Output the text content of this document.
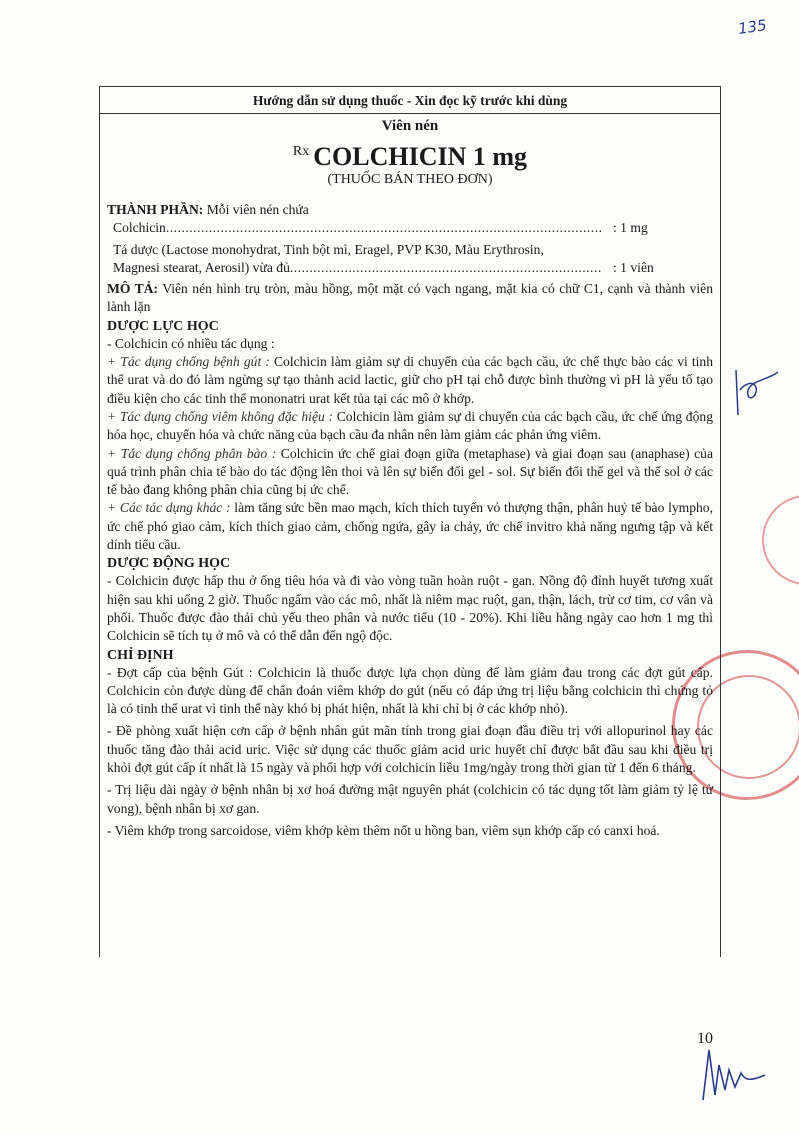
135
Hướng dẫn sử dụng thuốc - Xin đọc kỹ trước khi dùng
Viên nén
$^{Rx}$ COLCHICIN 1 mg
(THUỐC BÁN THEO ĐƠN)
THÀNH PHẦN: Mỗi viên nén chứa
Colchicin .....	: 1 mg
Tá dược (Lactose monohydrat, Tinh bột mì, Eragel, PVP K30, Màu Erythrosin,
Magnesi stearat, Aerosil) vừa đủ .....	: 1 viên
MÔ TẢ: Viên nén hình trụ tròn, màu hồng, một mặt có vạch ngang, mặt kia có chữ C1, cạnh và thành viên lành lặn
DƯỢC LỰC HỌC
- Colchicin có nhiều tác dụng :
+ Tác dụng chống bệnh gút : Colchicin làm giảm sự di chuyển của các bạch cầu, ức chế thực bào các vi tinh thể urat và do đó làm ngừng sự tạo thành acid lactic, giữ cho pH tại chỗ được bình thường vì pH là yếu tố tạo điều kiện cho các tinh thể mononatri urat kết tủa tại các mô ở khớp.
+ Tác dụng chống viêm không đặc hiệu : Colchicin làm giảm sự di chuyển của các bạch cầu, ức chế ứng động hóa học, chuyển hóa và chức năng của bạch cầu đa nhân nên làm giảm các phản ứng viêm.
+ Tác dụng chống phân bào : Colchicin ức chế giai đoạn giữa (metaphase) và giai đoạn sau (anaphase) của quá trình phân chia tế bào do tác động lên thoi và lên sự biến đổi gel - sol. Sự biến đổi thể gel và thể sol ở các tế bào đang không phân chia cũng bị ức chế.
+ Các tác dụng khác : làm tăng sức bền mao mạch, kích thích tuyến vỏ thượng thận, phân huỷ tế bào lympho, ức chế phó giao cảm, kích thích giao cảm, chống ngứa, gây ỉa chảy, ức chế invitro khả năng ngưng tập và kết dính tiểu cầu.
DƯỢC ĐỘNG HỌC
- Colchicin được hấp thu ở ống tiêu hóa và đi vào vòng tuần hoàn ruột - gan. Nồng độ đỉnh huyết tương xuất hiện sau khi uống 2 giờ. Thuốc ngấm vào các mô, nhất là niêm mạc ruột, gan, thận, lách, trừ cơ tim, cơ vân và phổi. Thuốc được đào thải chủ yếu theo phân và nước tiểu (10 - 20%). Khi liều hằng ngày cao hơn 1 mg thì Colchicin sẽ tích tụ ở mô và có thể dẫn đến ngộ độc.
CHỈ ĐỊNH
- Đợt cấp của bệnh Gút : Colchicin là thuốc được lựa chọn dùng để làm giảm đau trong các đợt gút cấp. Colchicin còn được dùng để chẩn đoán viêm khớp do gút (nếu có đáp ứng trị liệu bằng colchicin thì chứng tỏ là có tinh thể urat vì tinh thể này khó bị phát hiện, nhất là khi chỉ bị ở các khớp nhỏ).
- Đề phòng xuất hiện cơn cấp ở bệnh nhân gút mãn tính trong giai đoạn đầu điều trị với allopurinol hay các thuốc tăng đào thải acid uric. Việc sử dụng các thuốc giảm acid uric huyết chỉ được bắt đầu sau khi điều trị khỏi đợt gút cấp ít nhất là 15 ngày và phối hợp với colchicin liều 1mg/ngày trong thời gian từ 1 đến 6 tháng.
- Trị liệu dài ngày ở bệnh nhân bị xơ hoá đường mật nguyên phát (colchicin có tác dụng tốt làm giảm tỷ lệ tử vong), bệnh nhân bị xơ gan.
- Viêm khớp trong sarcoidose, viêm khớp kèm thêm nốt u hồng ban, viêm sụn khớp cấp có canxi hoá.
10
